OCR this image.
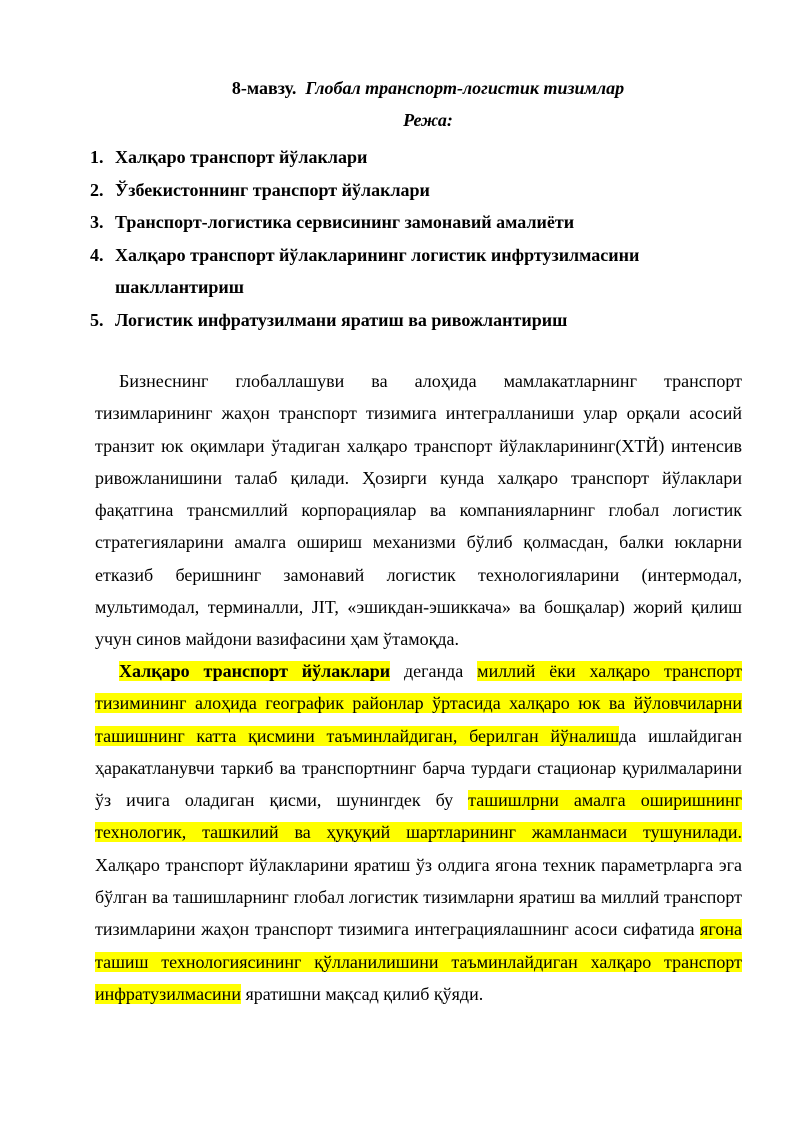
8-мавзу. Глобал транспорт-логистик тизимлар
Режа:
1. Халқаро транспорт йўлаклари
2. Ўзбекистоннинг транспорт йўлаклари
3. Транспорт-логистика сервисининг замонавий амалиёти
4. Халқаро транспорт йўлакларининг логистик инфртузилмасини шакллантириш
5. Логистик инфратузилмани яратиш ва ривожлантириш

Бизнеснинг глобаллашуви ва алоҳида мамлакатларнинг транспорт тизимларининг жаҳон транспорт тизимига интегралланиши улар орқали асосий транзит юк оқимлари ўтадиган халқаро транспорт йўлакларининг(ХТЙ) интенсив ривожланишини талаб қилади. Ҳозирги кунда халқаро транспорт йўлаклари фақатгина трансмиллий корпорациялар ва компанияларнинг глобал логистик стратегияларини амалга ошириш механизми бўлиб қолмасдан, балки юкларни етказиб беришнинг замонавий логистик технологияларини (интермодал, мультимодал, терминалли, JIT, «эшикдан-эшиккача» ва бошқалар) жорий қилиш учун синов майдони вазифасини ҳам ўтамоқда.

Халқаро транспорт йўлаклари деганда миллий ёки халқаро транспорт тизимининг алоҳида географик районлар ўртасида халқаро юк ва йўловчиларни ташишнинг катта қисмини таъминлайдиган, берилган йўналишда ишлайдиган ҳаракатланувчи таркиб ва транспортнинг барча турдаги стационар қурилмаларини ўз ичига оладиган қисми, шунингдек бу ташишлрни амалга оширишнинг технологик, ташкилий ва ҳуқуқий шартларининг жамланмаси тушунилади. Халқаро транспорт йўлакларини яратиш ўз олдига ягона техник параметрларга эга бўлган ва ташишларнинг глобал логистик тизимларни яратиш ва миллий транспорт тизимларини жаҳон транспорт тизимига интеграциялашнинг асоси сифатида ягона ташиш технологиясининг қўлланилишини таъминлайдиган халқаро транспорт инфратузилмасини яратишни мақсад қилиб қўяди.
